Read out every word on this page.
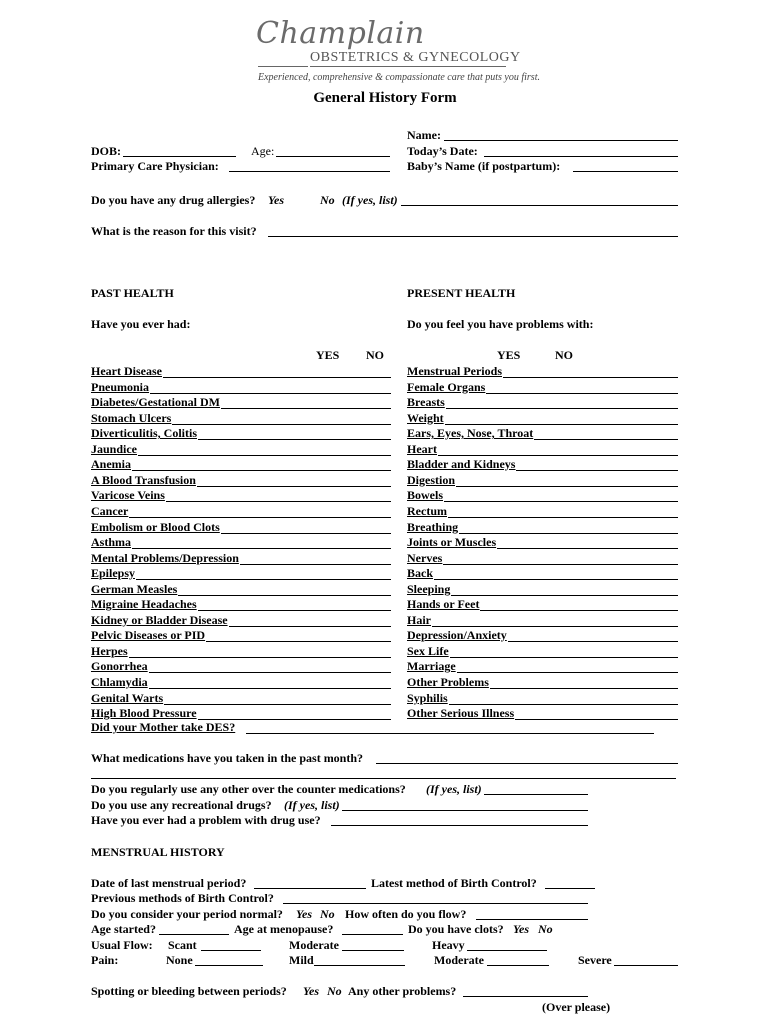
Champlain
OBSTETRICS & GYNECOLOGY
Experienced, comprehensive & compassionate care that puts you first.
General History Form
Name:
DOB:	Age:	Today’s Date:
Primary Care Physician:	Baby’s Name (if postpartum):
Do you have any drug allergies? Yes	No (If yes, list)
What is the reason for this visit?
PAST HEALTH	PRESENT HEALTH
Have you ever had:	Do you feel you have problems with:
YES NO	YES	NO
Heart Disease
Pneumonia
Diabetes/Gestational DM
Stomach Ulcers
Diverticulitis, Colitis
Jaundice
Anemia
A Blood Transfusion
Varicose Veins
Cancer
Embolism or Blood Clots
Asthma
Mental Problems/Depression
Epilepsy
German Measles
Migraine Headaches
Kidney or Bladder Disease
Pelvic Diseases or PID
Herpes
Gonorrhea
Chlamydia
Genital Warts
High Blood Pressure
Menstrual Periods
Female Organs
Breasts
Weight
Ears, Eyes, Nose, Throat
Heart
Bladder and Kidneys
Digestion
Bowels
Rectum
Breathing
Joints or Muscles
Nerves
Back
Sleeping
Hands or Feet
Hair
Depression/Anxiety
Sex Life
Marriage
Other Problems
Syphilis
Other Serious Illness
Did your Mother take DES?
What medications have you taken in the past month?
Do you regularly use any other over the counter medications? (If yes, list)
Do you use any recreational drugs? (If yes, list)
Have you ever had a problem with drug use?
MENSTRUAL HISTORY
Date of last menstrual period?	Latest method of Birth Control?
Previous methods of Birth Control?
Do you consider your period normal? Yes No How often do you flow?
Age started?	Age at menopause?	Do you have clots? Yes No
Usual Flow: Scant	Moderate	Heavy
Pain:	None	Mild	Moderate	Severe
Spotting or bleeding between periods? Yes No Any other problems?
(Over please)
